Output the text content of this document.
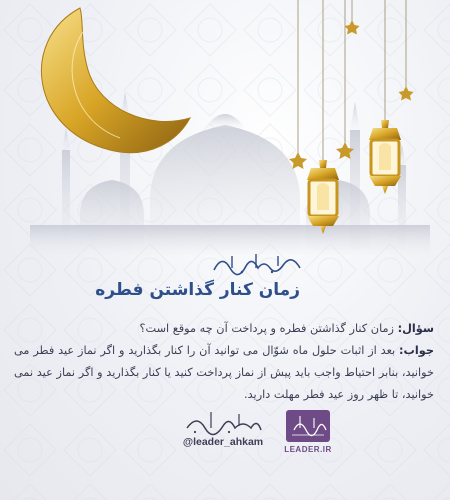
زمان کنار گذاشتن فطره

سؤال: زمان کنار گذاشتن فطره و پرداخت آن چه موقع است؟

جواب: بعد از اثبات حلول ماه شوّال می توانید آن را کنار بگذارید و اگر نماز عید فطر می خوانید، بنابر احتیاط واجب باید پیش از نماز پرداخت کنید یا کنار بگذارید و اگر نماز عید نمی خوانید، تا ظهر روز عید فطر مهلت دارید.

@leader_ahkam
LEADER.IR
